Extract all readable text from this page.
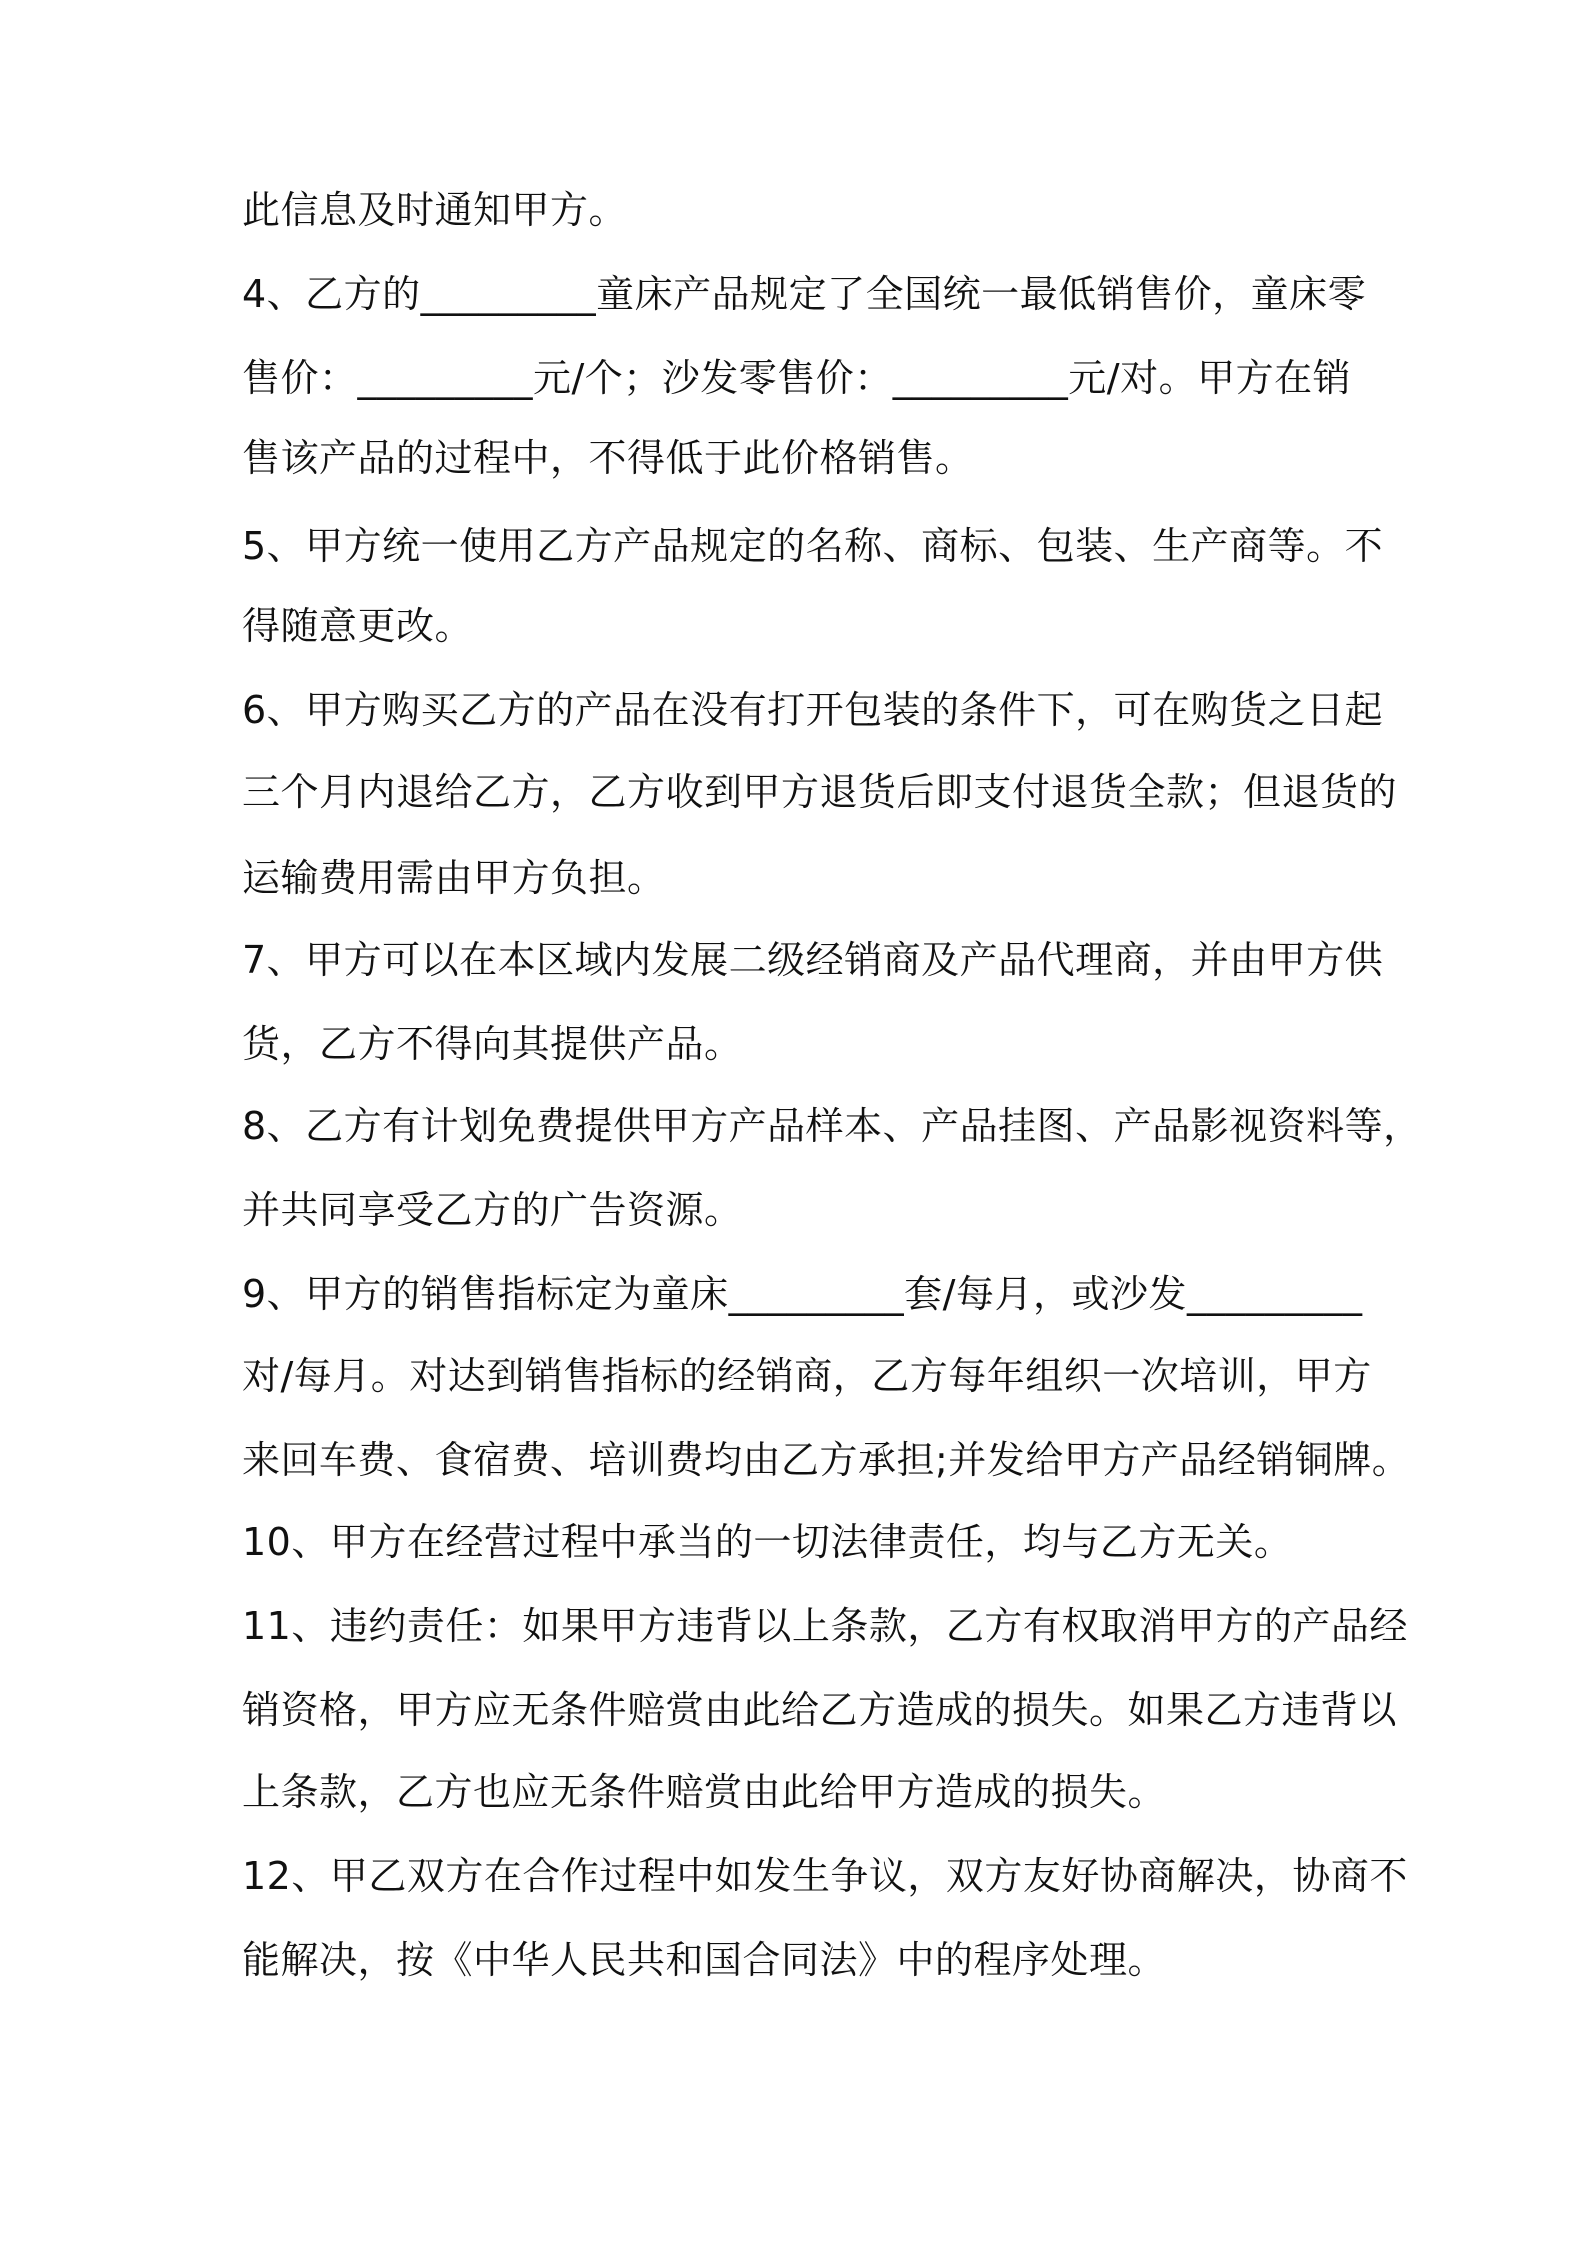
此信息及时通知甲方。
4、乙方的_________童床产品规定了全国统一最低销售价，童床零
售价：_________元/个；沙发零售价：_________元/对。甲方在销
售该产品的过程中，不得低于此价格销售。
5、甲方统一使用乙方产品规定的名称、商标、包装、生产商等。不
得随意更改。
6、甲方购买乙方的产品在没有打开包装的条件下，可在购货之日起
三个月内退给乙方，乙方收到甲方退货后即支付退货全款；但退货的
运输费用需由甲方负担。
7、甲方可以在本区域内发展二级经销商及产品代理商，并由甲方供
货，乙方不得向其提供产品。
8、乙方有计划免费提供甲方产品样本、产品挂图、产品影视资料等，
并共同享受乙方的广告资源。
9、甲方的销售指标定为童床_________套/每月，或沙发_________
对/每月。对达到销售指标的经销商，乙方每年组织一次培训，甲方
来回车费、食宿费、培训费均由乙方承担;并发给甲方产品经销铜牌。
10、甲方在经营过程中承当的一切法律责任，均与乙方无关。
11、违约责任：如果甲方违背以上条款，乙方有权取消甲方的产品经
销资格，甲方应无条件赔赏由此给乙方造成的损失。如果乙方违背以
上条款，乙方也应无条件赔赏由此给甲方造成的损失。
12、甲乙双方在合作过程中如发生争议，双方友好协商解决，协商不
能解决，按《中华人民共和国合同法》中的程序处理。
